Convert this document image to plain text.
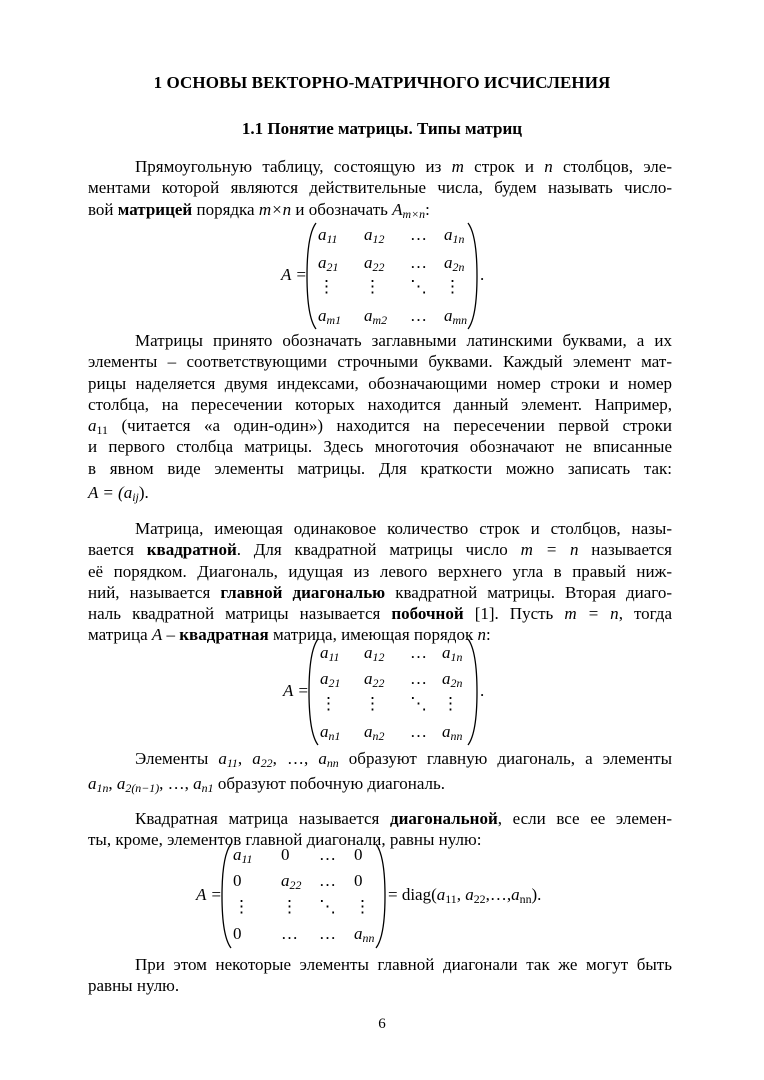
1 ОСНОВЫ ВЕКТОРНО-МАТРИЧНОГО ИСЧИСЛЕНИЯ
1.1 Понятие матрицы. Типы матриц
Прямоугольную таблицу, состоящую из m строк и n столбцов, эле-
ментами которой являются действительные числа, будем называть число-
вой матрицей порядка m×n и обозначать $A_{m\times n}$:
A =
$a_{11}$ $a_{12}$ … $a_{1n}$
$a_{21}$ $a_{22}$ … $a_{2n}$
⋮ ⋮ ⋱ ⋮
$a_{m1}$ $a_{m2}$ … $a_{mn}$
.
Матрицы принято обозначать заглавными латинскими буквами, а их
элементы – соответствующими строчными буквами. Каждый элемент мат-
рицы наделяется двумя индексами, обозначающими номер строки и номер
столбца, на пересечении которых находится данный элемент. Например,
$a_{11}$ (читается «а один-один») находится на пересечении первой строки
и первого столбца матрицы. Здесь многоточия обозначают не вписанные
в явном виде элементы матрицы. Для краткости можно записать так:
$A = (a_{ij})$.
Матрица, имеющая одинаковое количество строк и столбцов, назы-
вается квадратной. Для квадратной матрицы число m = n называется
её порядком. Диагональ, идущая из левого верхнего угла в правый ниж-
ний, называется главной диагональю квадратной матрицы. Вторая диаго-
наль квадратной матрицы называется побочной [1]. Пусть m = n, тогда
матрица A – квадратная матрица, имеющая порядок n:
A =
$a_{11}$ $a_{12}$ … $a_{1n}$
$a_{21}$ $a_{22}$ … $a_{2n}$
⋮ ⋮ ⋱ ⋮
$a_{n1}$ $a_{n2}$ … $a_{nn}$
.
Элементы $a_{11}$, $a_{22}$, …, $a_{nn}$ образуют главную диагональ, а элементы
$a_{1n}$, $a_{2(n-1)}$, …, $a_{n1}$ образуют побочную диагональ.
Квадратная матрица называется диагональной, если все ее элемен-
ты, кроме, элементов главной диагонали, равны нулю:
A =
$a_{11}$ 0 … 0
0 $a_{22}$ … 0
⋮ ⋮ ⋱ ⋮
0 … … $a_{nn}$
= $diag(a_{11}$, $a_{22},\dots,a_{nn}$).
При этом некоторые элементы главной диагонали так же могут быть
равны нулю.
6
